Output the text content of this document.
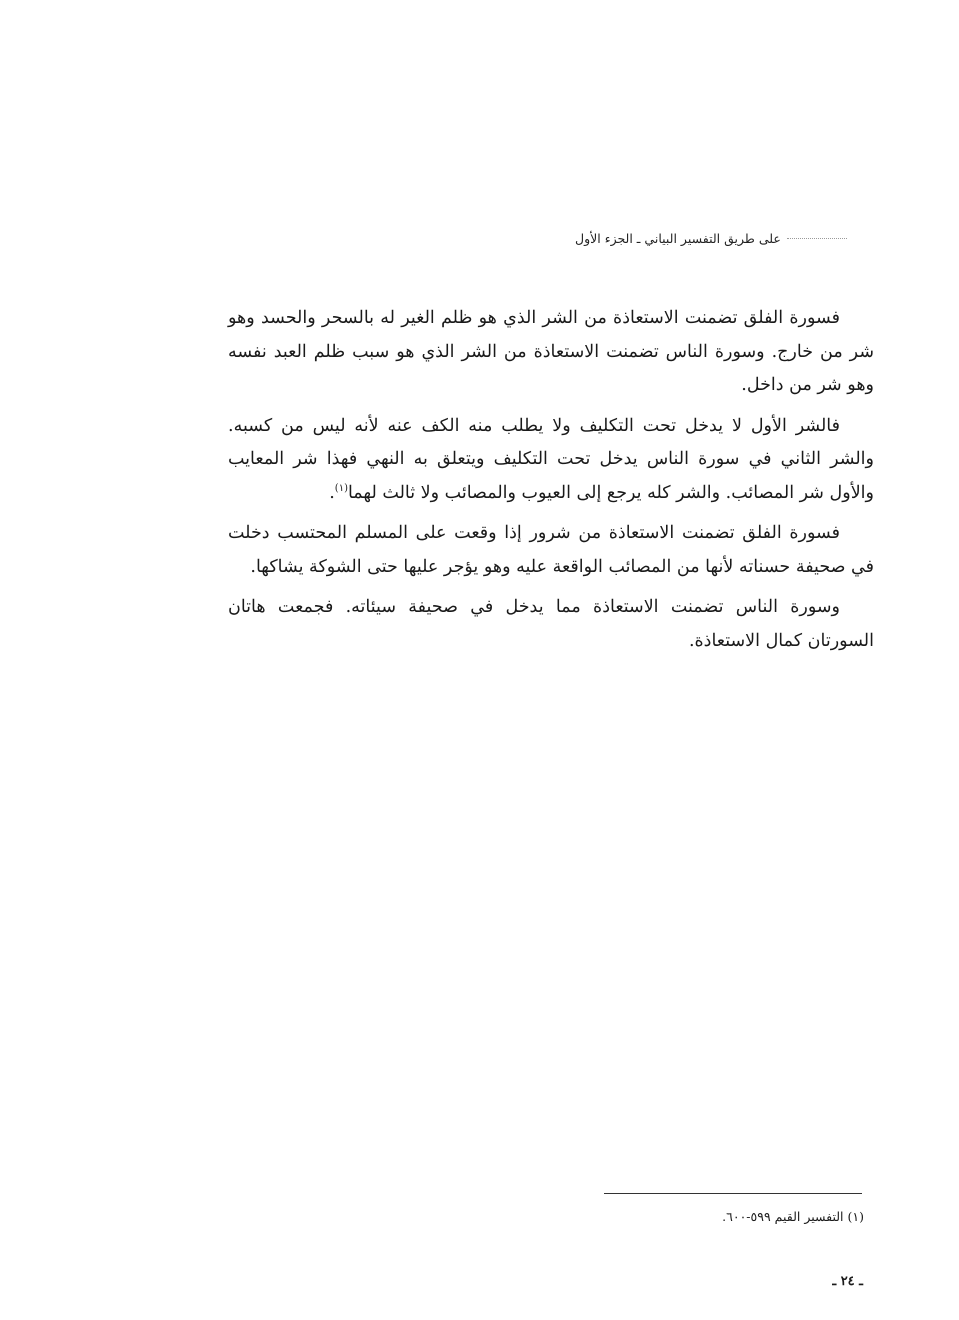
على طريق التفسير البياني ـ الجزء الأول

فسورة الفلق تضمنت الاستعاذة من الشر الذي هو ظلم الغير له بالسحر والحسد وهو شر من خارج. وسورة الناس تضمنت الاستعاذة من الشر الذي هو سبب ظلم العبد نفسه وهو شر من داخل.

فالشر الأول لا يدخل تحت التكليف ولا يطلب منه الكف عنه لأنه ليس من كسبه. والشر الثاني في سورة الناس يدخل تحت التكليف ويتعلق به النهي فهذا شر المعايب والأول شر المصائب. والشر كله يرجع إلى العيوب والمصائب ولا ثالث لهما$^{(١)}$.

فسورة الفلق تضمنت الاستعاذة من شرور إذا وقعت على المسلم المحتسب دخلت في صحيفة حسناته لأنها من المصائب الواقعة عليه وهو يؤجر عليها حتى الشوكة يشاكها.

وسورة الناس تضمنت الاستعاذة مما يدخل في صحيفة سيئاته. فجمعت هاتان السورتان كمال الاستعاذة.

(١) التفسير القيم ٥٩٩-٦٠٠.
ـ ٢٤ ـ
